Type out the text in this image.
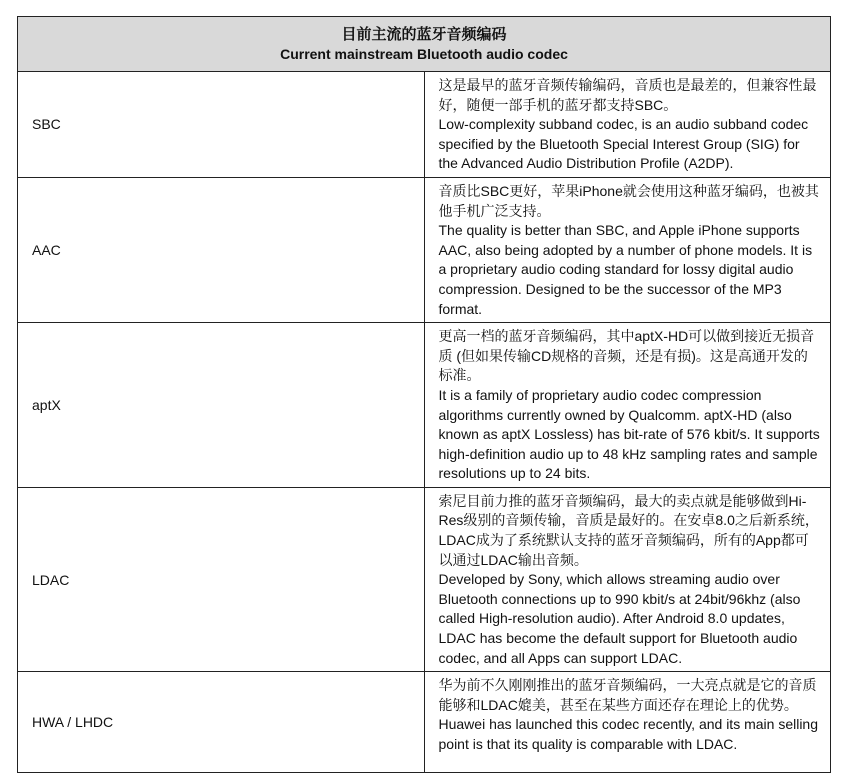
目前主流的蓝牙音频编码
Current mainstream Bluetooth audio codec	

SBC	这是最早的蓝牙音频传输编码，音质也是最差的，但兼容性最好，随便一部手机的蓝牙都支持SBC。
Low-complexity subband codec, is an audio subband codec specified by the Bluetooth Special Interest Group (SIG) for the Advanced Audio Distribution Profile (A2DP).

AAC	音质比SBC更好，苹果iPhone就会使用这种蓝牙编码，也被其他手机广泛支持。
The quality is better than SBC, and Apple iPhone supports AAC, also being adopted by a number of phone models. It is a proprietary audio coding standard for lossy digital audio compression. Designed to be the successor of the MP3 format.

aptX	更高一档的蓝牙音频编码，其中aptX-HD可以做到接近无损音质 (但如果传输CD规格的音频，还是有损)。这是高通开发的标准。
It is a family of proprietary audio codec compression algorithms currently owned by Qualcomm. aptX-HD (also known as aptX Lossless) has bit-rate of 576 kbit/s. It supports high-definition audio up to 48 kHz sampling rates and sample resolutions up to 24 bits.

LDAC	索尼目前力推的蓝牙音频编码，最大的卖点就是能够做到Hi-Res级别的音频传输，音质是最好的。在安卓8.0之后新系统，LDAC成为了系统默认支持的蓝牙音频编码，所有的App都可以通过LDAC输出音频。
Developed by Sony, which allows streaming audio over Bluetooth connections up to 990 kbit/s at 24bit/96khz (also called High-resolution audio). After Android 8.0 updates, LDAC has become the default support for Bluetooth audio codec, and all Apps can support LDAC.

HWA / LHDC	华为前不久刚刚推出的蓝牙音频编码，一大亮点就是它的音质能够和LDAC媲美，甚至在某些方面还存在理论上的优势。
Huawei has launched this codec recently, and its main selling point is that its quality is comparable with LDAC.
